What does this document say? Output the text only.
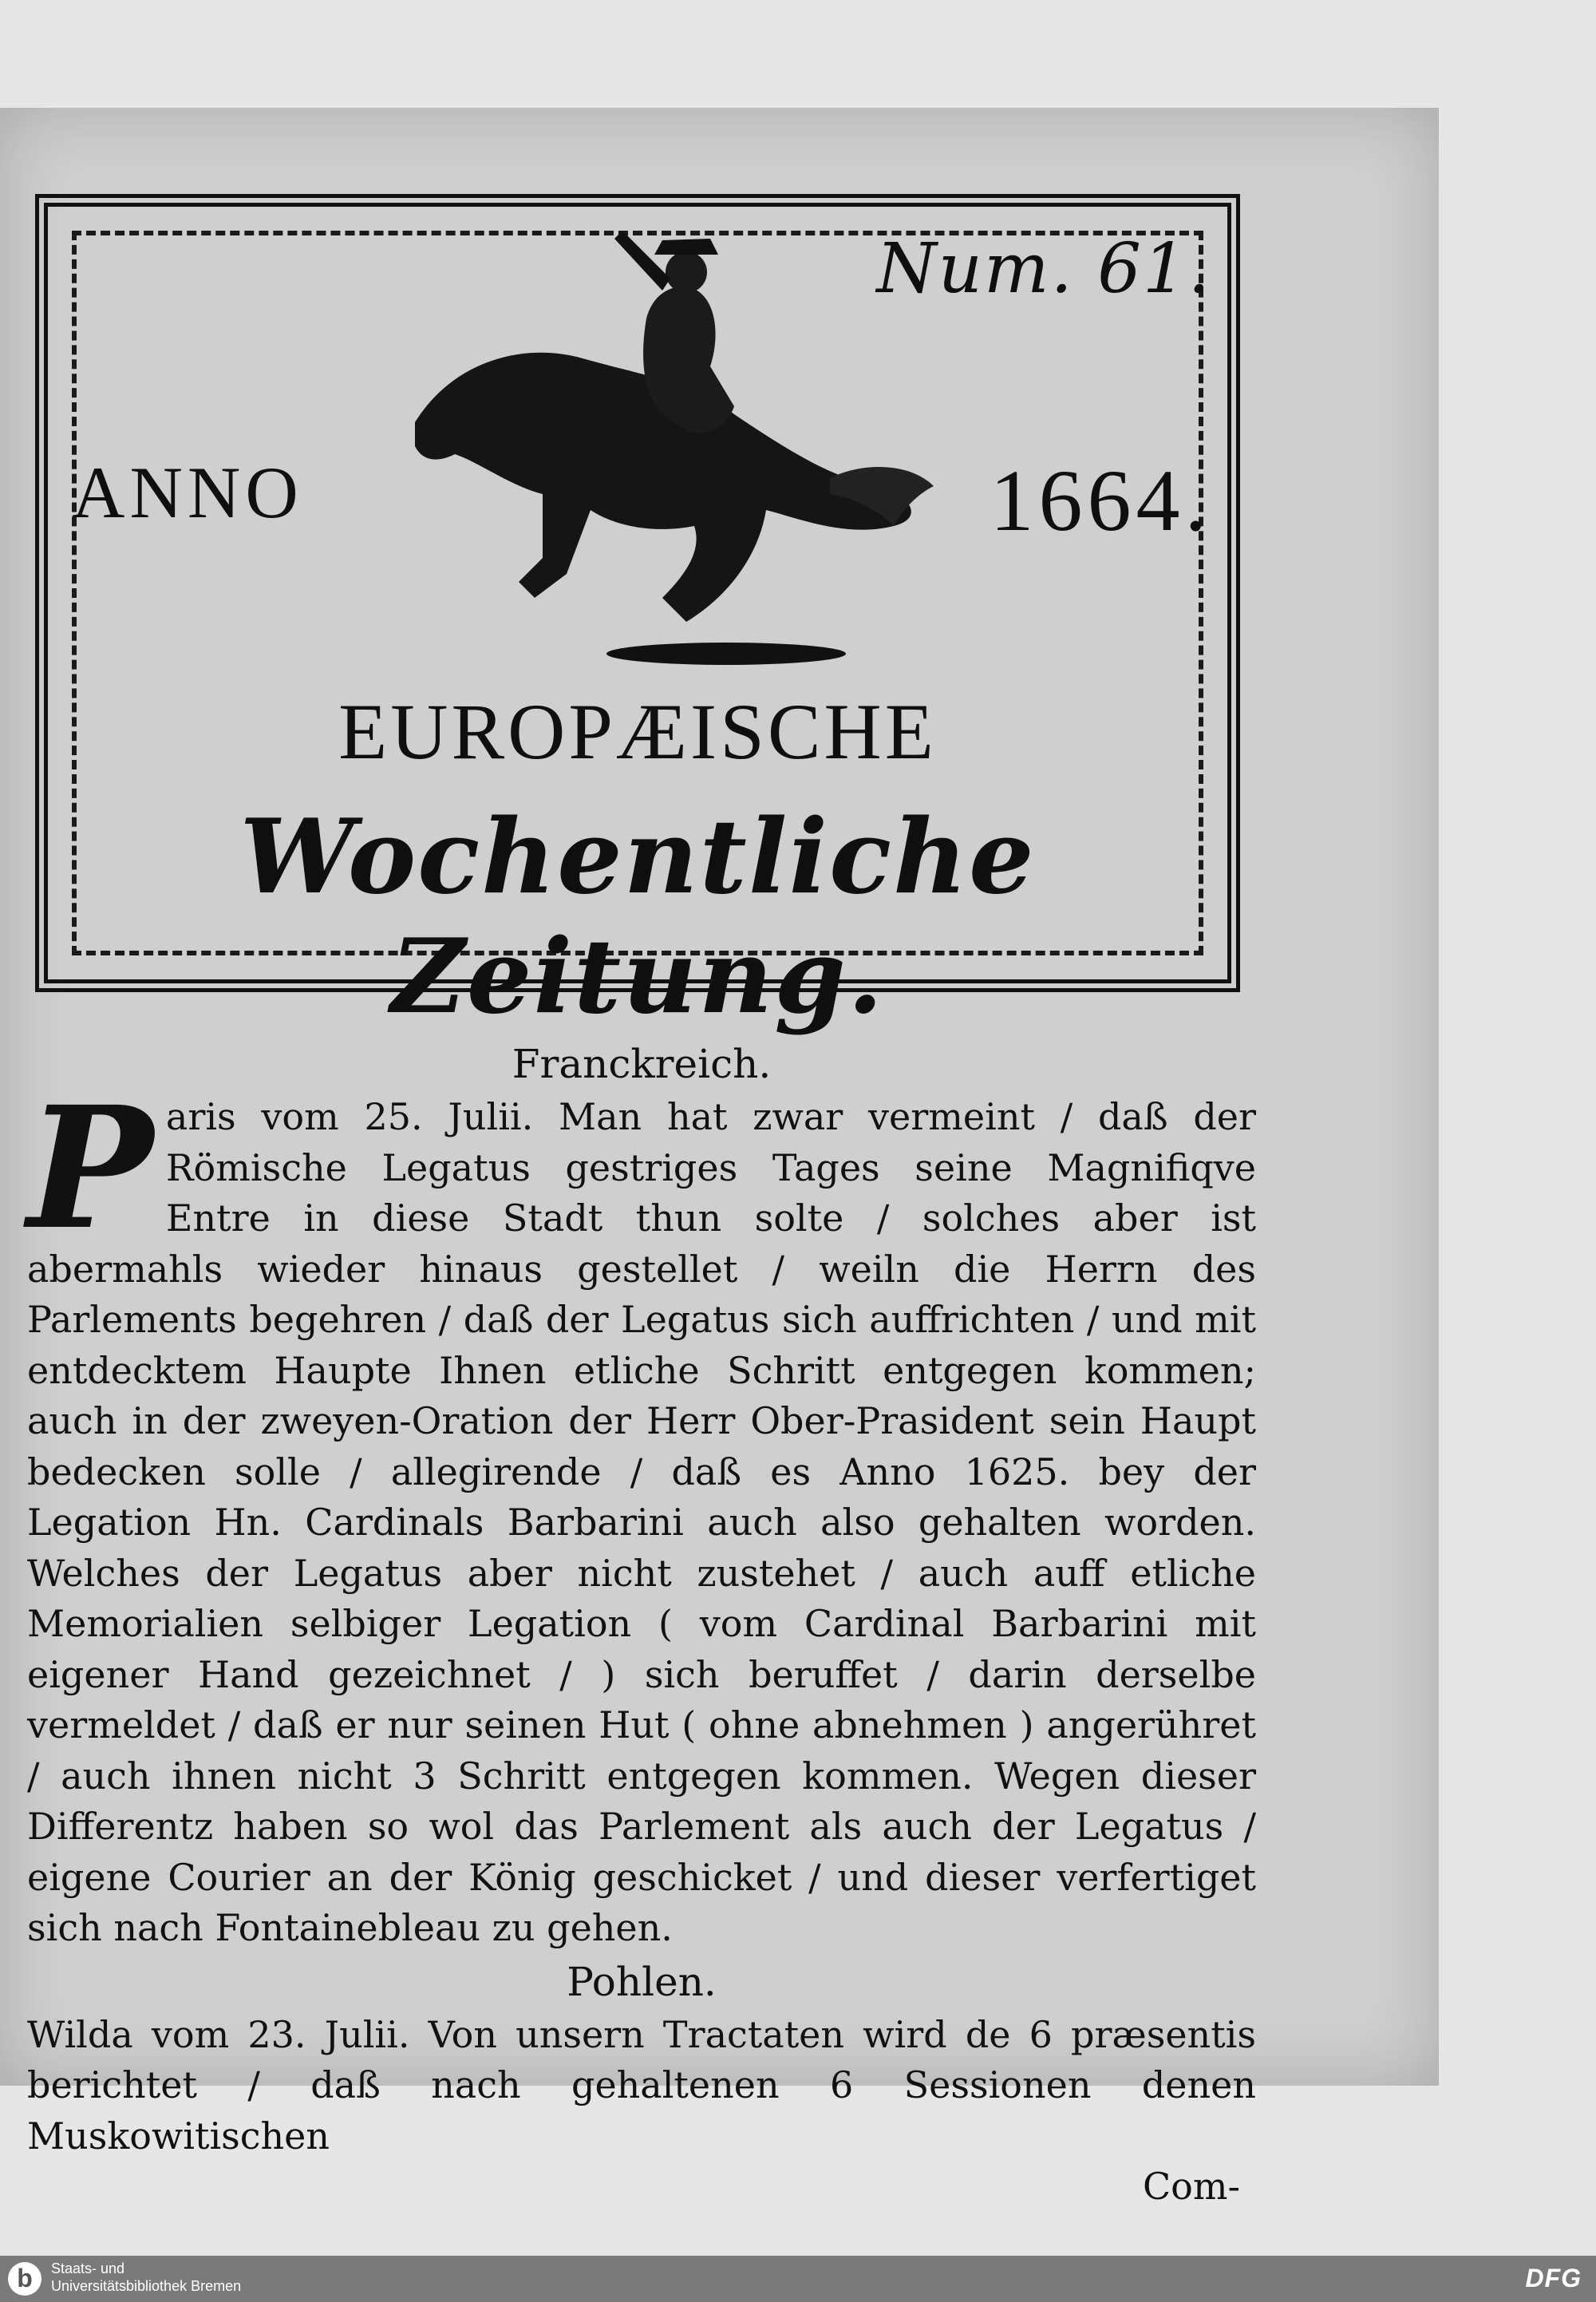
Num. 61.
ANNO	1664.
EUROPÆISCHE
Wochentliche Zeitung.

Franckreich.

P aris vom 25. Julii. Man hat zwar vermeint / daß der Römische Legatus gestriges Tages seine Magnifiqve Entre in diese Stadt thun solte / solches aber ist abermahls wieder hinaus gestellet / weiln die Herrn des Parlements begehren / daß der Legatus sich auffrichten / und mit entdecktem Haupte Ihnen etliche Schritt entgegen kommen; auch in der zweyen-Oration der Herr Ober-Prasident sein Haupt bedecken solle / allegirende / daß es Anno 1625. bey der Legation Hn. Cardinals Barbarini auch also gehalten worden. Welches der Legatus aber nicht zustehet / auch auff etliche Memorialien selbiger Legation ( vom Cardinal Barbarini mit eigener Hand gezeichnet / ) sich beruffet / darin derselbe vermeldet / daß er nur seinen Hut ( ohne abnehmen ) angerühret / auch ihnen nicht 3 Schritt entgegen kommen. Wegen dieser Differentz haben so wol das Parlement als auch der Legatus / eigene Courier an der König geschicket / und dieser verfertiget sich nach Fontainebleau zu gehen.

Pohlen.

Wilda vom 23. Julii. Von unsern Tractaten wird de 6 præsentis berichtet / daß nach gehaltenen 6 Sessionen denen Muskowitischen

Com-

b	Staats- und
Universitätsbibliothek Bremen	DFG
